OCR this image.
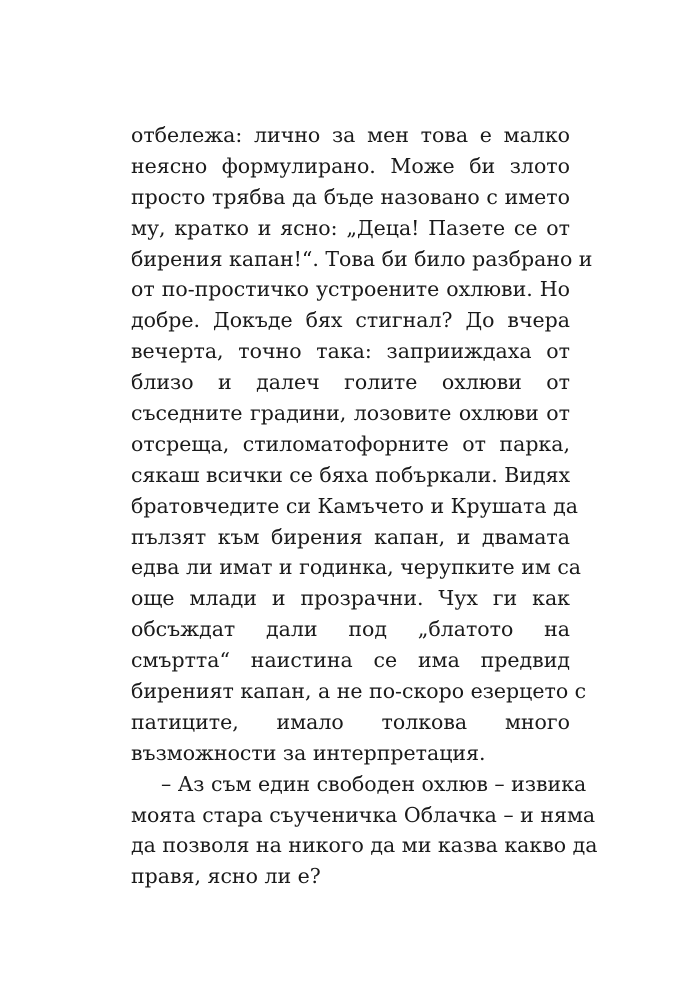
отбележа: лично за мен това е малко
неясно формулирано. Може би злото
просто трябва да бъде назовано с името
му, кратко и ясно: „Деца! Пазете се от
бирения капан!“. Това би било разбрано и
от по-простичко устроените охлюви. Но
добре. Докъде бях стигнал? До вчера
вечерта, точно така: заприиждаха от
близо и далеч голите охлюви от
съседните градини, лозовите охлюви от
отсреща, стиломатофорните от парка,
сякаш всички се бяха побъркали. Видях
братовчедите си Камъчето и Крушата да
пълзят към бирения капан, и двамата
едва ли имат и годинка, черупките им са
още млади и прозрачни. Чух ги как
обсъждат дали под „блатото на
смъртта“ наистина се има предвид
биреният капан, а не по-скоро езерцето с
патиците, имало толкова много
възможности за интерпретация.
– Аз съм един свободен охлюв – извика
моята стара съученичка Облачка – и няма
да позволя на никого да ми казва какво да
правя, ясно ли е?
